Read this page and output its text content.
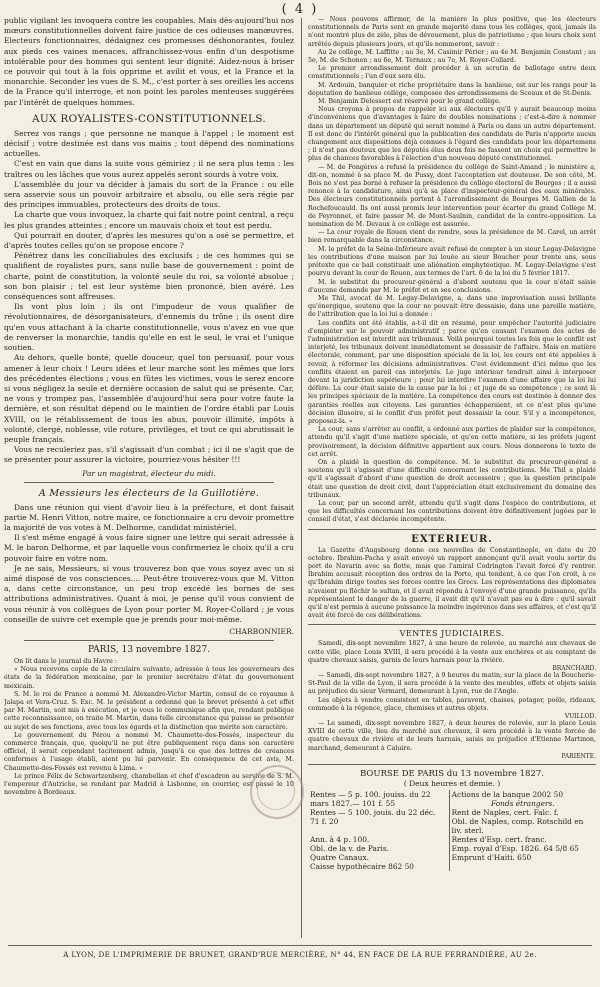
( 4 )

public vigilant les invoquera contre les coupables. Mais dès-aujourd'hui nos mœurs constitutionnelles doivent faire justice de ces odieuses manœuvres. Electeurs fonctionnaires, dédaignez ces promesses déshonorantes, foulez aux pieds ces vaines menaces, affranchissez-vous enfin d'un despotisme intolérable pour des hommes qui sentent leur dignité. Aidez-nous à briser ce pouvoir qui tout à la fois opprime et avilit et vous, et la France et la monarchie. Seconder les vues de S. M., c'est porter à ses oreilles les accens de la France qu'il interroge, et non point les paroles menteuses suggérées par l'intérêt de quelques hommes.

AUX ROYALISTES-CONSTITUTIONNELS.

Serrez vos rangs ; que personne ne manque à l'appel ; le moment est décisif ; votre destinée est dans vos mains ; tout dépend des nominations actuelles.

C'est en vain que dans la suite vous gémiriez ; il ne sera plus tems : les traîtres ou les lâches que vous aurez appelés seront sourds à votre voix.

L'assemblée du jour va décider à jamais du sort de la France : ou elle sera asservie sous un pouvoir arbitraire et absolu, ou elle sera régie par des principes immuables, protecteurs des droits de tous.

La charte que vous invoquez, la charte qui fait notre point central, a reçu les plus grandes atteintes ; encore un mauvais choix et tout est perdu.

Qui pourrait en douter, d'après les mesures qu'on a osé se permettre, et d'après toutes celles qu'on se propose encore ?

Pénétrez dans les conciliabules des exclusifs ; de ces hommes qui se qualifient de royalistes purs, sans nulle base de gouvernement : point de charte, point de constitution, la volonté seule du roi, sa volonté absolue ; son bon plaisir ; tel est leur système bien prononcé, bien avéré. Les conséquences sont affreuses.

Ils vont plus loin ; ils ont l'impudeur de vous qualifier de révolutionnaires, de désorganisateurs, d'ennemis du trône ; ils osent dire qu'en vous attachant à la charte constitutionnelle, vous n'avez en vue que de renverser la monarchie, tandis qu'elle en est le seul, le vrai et l'unique soutien.

Au dehors, quelle bonté, quelle douceur, quel ton persuasif, pour vous amener à leur choix ! Leurs idées et leur marche sont les mêmes que lors des précédentes élections ; vous en fûtes les victimes, vous le serez encore si vous négligez la seule et dernière occasion de salut qui se présente. Car, ne vous y trompez pas, l'assemblée d'aujourd'hui sera pour votre faute la dernière, et son résultat dépend ou le maintien de l'ordre établi par Louis XVIII, ou le rétablissement de tous les abus, pouvoir illimité, impôts à volonté, clergé, noblesse, vile roture, privilèges, et tout ce qui abrutissait le peuple français.

Vous ne reculeriez pas, s'il s'agissait d'un combat ; ici il ne s'agit que de se présenter pour assurer la victoire, pourriez-vous hésiter !!!

Par un magistrat, électeur du midi.
A Messieurs les électeurs de la Guillotière.

Dans une réunion qui vient d'avoir lieu à la préfecture, et dont faisait partie M. Henri Vitton, notre maire, ce fonctionnaire a cru devoir promettre la majorité de vos votes à M. Delhorme, candidat ministériel.

Il s'est même engagé à vous faire signer une lettre qui serait adressée à M. le baron Delhorme, et par laquelle vous confirmeriez le choix qu'il a cru pouvoir faire en votre nom.

Je ne sais, Messieurs, si vous trouverez bon que vous soyez avec un si aimé disposé de vos consciences.... Peut-être trouverez-vous que M. Vitton a, dans cette circonstance, un peu trop excédé les bornes de ses attributions administratives. Quant à moi, je pense qu'il vous convient de vous réunir à vos collègues de Lyon pour porter M. Royer-Collard ; je vous conseille de suivre cet exemple que je prends pour moi-même.

CHARBONNIER.
PARIS, 13 novembre 1827.

On lit dans le journal du Havre :

« Nous recevons copie de la circulaire suivante, adressée à tous les gouverneurs des états de la fédération mexicaine, par le premier secrétaire d'état du gouvernement mexicain.

S. M. le roi de France a nommé M. Alexandre-Victor Martin, consul de ce royaume à Jalapa et Vera-Cruz. S. Exc. M. le président a ordonné que le brevet présenté à cet effet par M. Martin, soit mis à exécution, et je vous le communique afin que, rendant publique cette reconnaissance, on traite M. Martin, dans telle circonstance qui puisse se présenter au sujet de ses fonctions, avec tous les égards et la distinction que mérite son caractère.

Le gouvernement du Pérou a nommé M. Chaumette-des-Fossés, inspecteur du commerce français, que, quoiqu'il ne put être publiquement reçu dans son caractère officiel, il serait cependant tacitement admis, jusqu'à ce que des lettres de créances conformes à l'usage établi, aient pu lui parvenir. En conséquence de cet avis, M. Chaumette-des-Fossés est revenu à Lima. »

Le prince Félix de Schwartzenberg, chambellan et chef d'escadron au service de S. M. l'empereur d'Autriche, se rendant par Madrid à Lisbonne, en courrier, est passé le 10 novembre à Bordeaux.

— Nous pouvons affirmer, de la manière la plus positive, que les électeurs constitutionnels de Paris sont en grande majorité dans tous les collèges, quoi, jamais ils n'ont montré plus de zèle, plus de dévouement, plus de patriotisme ; que leurs choix sont arrêtés depuis plusieurs jours, et qu'ils nommeront, savoir :

Au 2e collège, M. Laffitte ; au 3e, M. Casimir Périer ; au 4e M. Benjamin Constant ; au 5e, M. de Schonen ; au 6e, M. Ternaux ; au 7e, M. Royer-Collard.

Le premier arrondissement doit procéder à un scrutin de ballotage entre deux constitutionnels ; l'un d'eux sera élu.

M. Ardouin, banquier et riche propriétaire dans la banlieue, est sur les rangs pour la députation de banlieue collège, composée des arrondissemens de Sceaux et de St-Denis.

M. Benjamin Delessert est réservé pour le grand collège.

Nous croyons à propos de rappeler ici aux électeurs qu'il y aurait beaucoup moins d'inconvéniens que d'avantages à faire de doubles nominations ; c'est-à-dire à nommer dans un département un député qui serait nommé à Paris ou dans un autre département. Il est donc de l'intérêt général que la publication des candidats de Paris n'apporte aucun changement aux dispositions déjà connues à l'égard des candidats pour les départemens ; il n'est pas douteux que les députés élus deux fois ne fassent un choix qui permettre le plus de chances favorables à l'élection d'un nouveau député constitutionnel.

— M. de Fongères a refusé la présidence du collège de Saint-Amand ; le ministère a, dit-on, nommé à sa place M. de Pussy, dont l'acceptation est douteuse. De son côté, M. Bois ne s'est pas borné à refuser la présidence du collège électoral de Bourges ; il a aussi renoncé à la candidature, ainsi qu'à sa place d'inspecteur-général des eaux minérales. Des électeurs constitutionnels portent à l'arrondissement de Bourges M. Gallien de la Rochefoucauld. Ils ont aussi promis leur intervention pour écarter du grand Collège M. de Peyronnet, et faire passer M. de Mont-Saulnin, candidat de la contre-opposition. La nomination de M. Devaux à ce collège est assurée.

— La cour royale de Rouen vient de rendre, sous la présidence de M. Carel, un arrêt bien remarquable dans la circonstance.

M. le préfet de la Seine-Inférieure avait refusé de compter à un sieur Legay-Delavigne les contributions d'une maison par lui louée au sieur Boucher pour trente ans, sous prétexte que ce bail constituait une aliénation emphytéotique. M. Legay-Delavigne s'est pourvu devant la cour de Rouen, aux termes de l'art. 6 de la loi du 5 février 1817.

M. le substitut du procureur-général a d'abord soutenu que la cour n'était saisie d'aucune demande par M. le préfet et en ses conclusions.

Me Thil, avocat de M. Legay-Delavigne, a, dans une improvisation aussi brillante qu'énergique, soutenu que la cour ne pouvait être dessaisie, dans une pareille matière, de l'attribution que la loi lui a donnée :

Les conflits ont été établis, a-t-il dit en résumé, pour empêcher l'autorité judiciaire d'empiéter sur le pouvoir administratif ; parce qu'en causant l'examen des actes de l'administration est interdit aux tribunaux. Voilà pourquoi toutes les fois que le conflit est interjeté, les tribunaux doivent immédiatement se dessaisir de l'affaire. Mais en matière électorale, comment, par une disposition spéciale de la loi, les cours ont été appelées à revoir, à réformer les décisions administratives. C'est évidemment d'ici même que les conflits étaient en pareil cas interjetés. Le juge intérieur tendrait ainsi à interposer devant la juridiction supérieure ; pour lui interdire l'examen d'une affaire que la loi lui défère. La cour était saisie de la cause par la loi ; et juge de sa compétence ; ce sont là les principes spéciaux de la matière. La compétence des cours est destinée à donner des garanties réelles aux citoyens. Les garanties échapperaient, et ce n'est plus qu'une décision illusoire, si le conflit d'un préfet peut dessaisir la cour. S'il y a incompétence, proposez-la. »

La cour, sans s'arrêter au conflit, a ordonné aux parties de plaider sur la compétence, attendu qu'il s'agit d'une matière spéciale, et qu'en cette matière, si les préfets jugent provisoirement, la décision définitive appartient aux cours. Nous donnerons le texte de cet arrêt.

On a plaidé la question de compétence. M. le substitut du procureur-général a soutenu qu'il s'agissait d'une difficulté concernant les contributions. Me Thil a plaidé qu'il s'agissait d'abord d'une question de droit accessoire ; que la question principale était une question de droit civil, dont l'appréciation était exclusivement du domaine des tribunaux.

La cour, par un second arrêt, attendu qu'il s'agit dans l'espèce de contributions, et que les difficultés concernant les contributions doivent être définitivement jugées par le conseil d'état, s'est déclarée incompétente.

EXTERIEUR.

La Gazette d'Augsbourg donne ces nouvelles de Constantinople, en date du 20 octobre. Ibrahim-Pacha y avait envoyé un rapport annonçant qu'il avait voulu sortir du port de Navarin avec sa flotte, mais que l'amiral Codrington l'avait forcé d'y rentrer. Ibrahim accusait réception des ordres de la Porte, qui tendent, à ce que l'on croit, à ce qu'Ibrahim dirige toutes ses forces contre les Grecs. Les représentations des diplomates n'avaient pu fléchir le sultan, et il avait répondu à l'envoyé d'une grande puissance, qu'ils représentaient le danger de la guerre, il avait dit qu'il n'avait pas eu à dire : qu'il savait qu'il n'est permis à aucune puissance la moindre ingérence dans ses affaires, et c'est qu'il avait été forcé de ces délibérations.

VENTES JUDICIAIRES.

Samedi, dix-sept novembre 1827, à une heure de relevée, au marché aux chevaux de cette ville, place Louis XVIII, il sera procédé à la vente aux enchères et au comptant de quatre chevaux saisis, garnis de leurs harnais pour la rivière.

BRANCHARD.

— Samedi, dix-sept novembre 1827, à 9 heures du matin, sur la place de la Boucherie-St-Paul de la ville de Lyon, il sera procédé à la vente des meubles, effets et objets saisis au préjudice du sieur Vermard, demeurant à Lyon, rue de l'Angle.

Les objets à vendre consistent en tables, paravent, chaises, potager, poêle, rideaux, commode à la régence, glace, chemises et autres objets.

VUILLOD.

— Le samedi, dix-sept novembre 1827, à deux heures de relevée, sur la place Louis XVIII de cette ville, lieu du marché aux chevaux, il sera procédé à la vente forcée de quatre chevaux de rivière et de leurs harnais, saisis au préjudice d'Etienne Martinon, marchand, demeurant à Caluire.

PARIENTE.
BOURSE DE PARIS du 13 novembre 1827.
( Deux heures et demie. )
Rentes — 5 p. 100. jouiss. du 22	Actions de la banque 2002 50
mars 1827.— 101 f. 55	Fonds étrangers.
Rentes — 5 100. jouis. du 22 déc.	Rent de Naples, cert. Falc. f.
71 f. 20	Obl. de Naples, comp. Rotschild en liv. sterl.
Ann. à 4 p. 100.	Rentes d'Esp. cert. franc.
Obl. de la v. de Paris.	Emp. royal d'Esp. 1826. 64 5/8 65
Quatre Canaux.	Emprunt d'Haiti. 650
Caisse hypothécaire 862 50	
A LYON, DE L'IMPRIMERIE DE BRUNET, GRAND'RUE MERCIÈRE, N° 44, EN FACE DE LA RUE FERRANDIÈRE, AU 2e.
